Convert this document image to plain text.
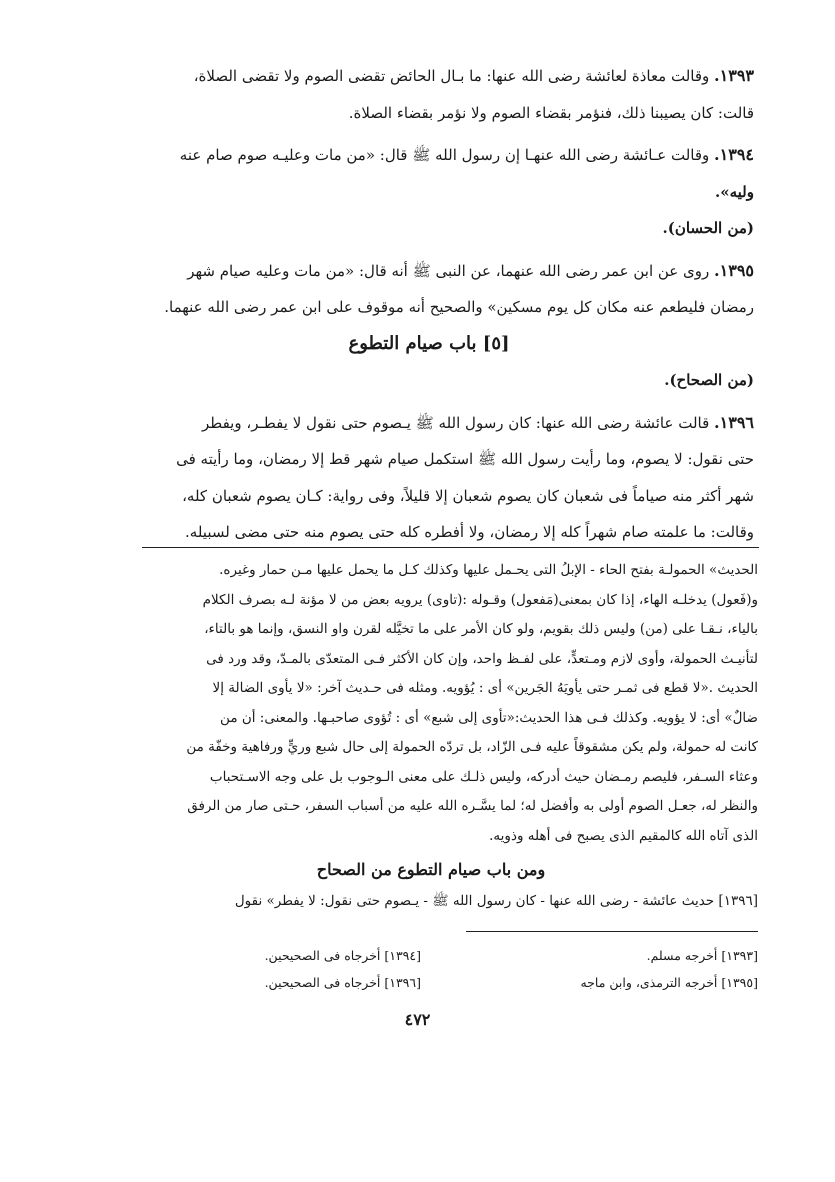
١٣٩٣. وقالت معاذة لعائشة رضى الله عنها: ما بـال الحائض تقضى الصوم ولا تقضى الصلاة،

قالت: كان يصيبنا ذلك، فنؤمر بقضاء الصوم ولا نؤمر بقضاء الصلاة.

١٣٩٤. وقالت عـائشة رضى الله عنهـا إن رسول الله ﷺ قال: «من مات وعليـه صوم صام عنه

وليه».

(من الحسان).

١٣٩٥. روى عن ابن عمر رضى الله عنهما، عن النبى ﷺ أنه قال: «من مات وعليه صيام شهر

رمضان فليطعم عنه مكان كل يوم مسكين» والصحيح أنه موقوف على ابن عمر رضى الله عنهما.

[٥] باب صيام التطوع

(من الصحاح).

١٣٩٦. قالت عائشة رضى الله عنها: كان رسول الله ﷺ يـصوم حتى نقول لا يفطـر، ويفطر

حتى نقول: لا يصوم، وما رأيت رسول الله ﷺ استكمل صيام شهر قط إلا رمضان، وما رأيته فى

شهر أكثر منه صياماً فى شعبان كان يصوم شعبان إلا قليلاً، وفى رواية: كـان يصوم شعبان كله،

وقالت: ما علمته صام شهراً كله إلا رمضان، ولا أفطره كله حتى يصوم منه حتى مضى لسبيله.

الحديث» الحمولـة بفتح الحاء - الإبلُ التى يحـمل عليها وكذلك كـل ما يحمل عليها مـن حمار وغيره.

و(فَعول) يدخلـه الهاء، إذا كان بمعنى(مَفعول) وقـوله :(تاوى) يرويه بعض من لا مؤنة لـه بصرف الكلام

بالياء، نـقـا على (من) وليس ذلك بقويم، ولو كان الأمر على ما تخيَّله لقرن واو النسق، وإنما هو بالتاء،

لتأنيـث الحمولة، وأوى لازم ومـتعدٍّ، على لفـظ واحد، وإن كان الأكثر فـى المتعدّى بالمـدّ، وقد ورد فى

الحديث .«لا قطع فى ثمـر حتى يأويَهُ الجَرين» أى : يُؤويه. ومثله فى حـديث آخر: «لا يأوى الضالة إلا

ضالٌ» أى: لا يؤويه. وكذلك فـى هذا الحديث:«تأوى إلى شبع» أى : تُؤوى صاحبـها. والمعنى: أن من

كانت له حمولة، ولم يكن مشقوقاً عليه فـى الزّاد، بل تردّه الحمولة إلى حال شبع وريٍّ ورفاهية وخفّة من

وعثاء السـفر، فليصم رمـضان حيث أدركه، وليس ذلـك على معنى الـوجوب بل على وجه الاسـتحباب

والنظر له، جعـل الصوم أولى به وأفضل له؛ لما يسَّـره الله عليه من أسباب السفر، حـتى صار من الرفق

الذى آتاه الله كالمقيم الذى يصبح فى أهله وذويه.

ومن باب صيام التطوع من الصحاح

[١٣٩٦] حديث عائشة - رضى الله عنها - كان رسول الله ﷺ - يـصوم حتى نقول: لا يفطر» نقول

[١٣٩٣] أخرجه مسلم.
[١٣٩٤] أخرجاه فى الصحيحين.
[١٣٩٥] أخرجه الترمذى، وابن ماجه
[١٣٩٦] أخرجاه فى الصحيحين.
٤٧٢
